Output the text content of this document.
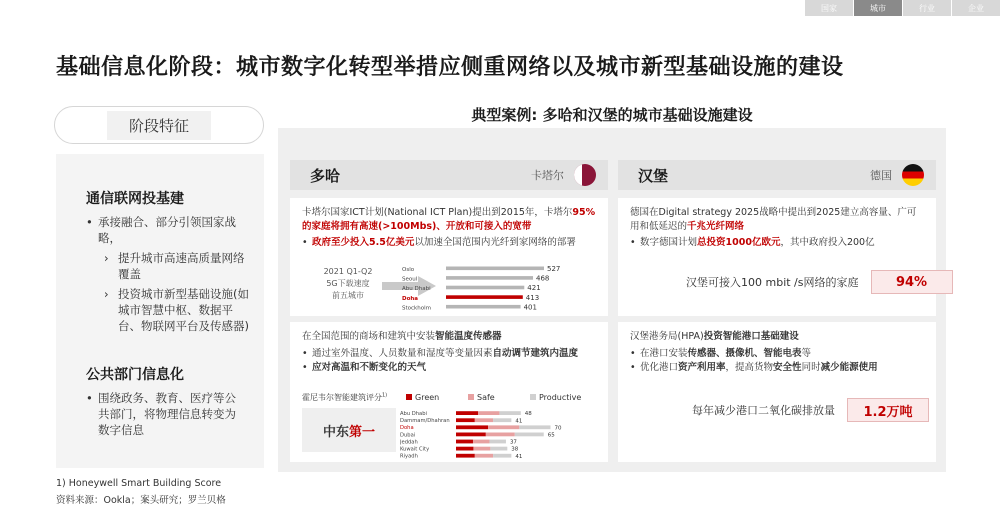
国家	城市	行业	企业
基础信息化阶段：城市数字化转型举措应侧重网络以及城市新型基础设施的建设
阶段特征
通信联网投基建
• 承接融合、部分引领国家战略，
› 提升城市高速高质量网络覆盖
› 投资城市新型基础设施(如城市智慧中枢、数据平台、物联网平台及传感器)
公共部门信息化
• 围绕政务、教育、医疗等公共部门，将物理信息转变为数字信息
1) Honeywell Smart Building Score
资料来源：Ookla；案头研究；罗兰贝格
典型案例: 多哈和汉堡的城市基础设施建设
多哈	卡塔尔	汉堡	德国
卡塔尔国家ICT计划(National ICT Plan)提出到2015年，卡塔尔95%的家庭将拥有高速(>100Mbs)、开放和可接入的宽带
• 政府至少投入5.5亿美元以加速全国范围内光纤到家网络的部署
2021 Q1-Q2
5G下载速度
前五城市
Oslo	527
Seoul	468
Abu Dhabi	421
Doha	413
Stockholm	401
在全国范围的商场和建筑中安装智能温度传感器
• 通过室外温度、人员数量和湿度等变量因素自动调节建筑内温度
• 应对高温和不断变化的天气
霍尼韦尔智能建筑评分$^{1)}$	Green	Safe	Productive
Abu Dhabi	48
Dammam/Dhahran	41
Doha	70
Dubai	65
Jeddah	37
Kuwait City	38
Riyadh	41
中东 第一
德国在Digital strategy 2025战略中提出到2025建立高容量、广可用和低延迟的千兆光纤网络
• 数字德国计划总投资1000亿欧元，其中政府投入200亿
汉堡可接入100 mbit /s网络的家庭	94%
汉堡港务局(HPA)投资智能港口基础建设
• 在港口安装传感器、摄像机、智能电表等
• 优化港口资产利用率，提高货物安全性同时减少能源使用
每年减少港口二氧化碳排放量	1.2万吨
